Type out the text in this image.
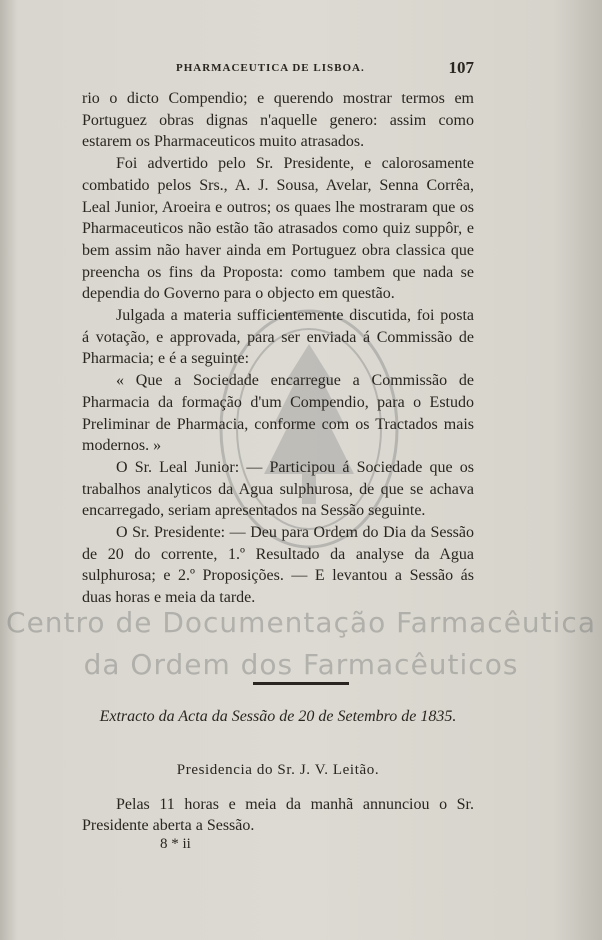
PHARMACEUTICA DE LISBOA.	107

rio o dicto Compendio; e querendo mostrar termos em Portuguez obras dignas n'aquelle genero: assim como estarem os Pharmaceuticos muito atrasados.

Foi advertido pelo Sr. Presidente, e calorosamente combatido pelos Srs., A. J. Sousa, Avelar, Senna Corrêa, Leal Junior, Aroeira e outros; os quaes lhe mostraram que os Pharmaceuticos não estão tão atrasados como quiz suppôr, e bem assim não haver ainda em Portuguez obra classica que preencha os fins da Proposta: como tambem que nada se dependia do Governo para o objecto em questão.

Julgada a materia sufficientemente discutida, foi posta á votação, e approvada, para ser enviada á Commissão de Pharmacia; e é a seguinte:

« Que a Sociedade encarregue a Commissão de Pharmacia da formação d'um Compendio, para o Estudo Preliminar de Pharmacia, conforme com os Tractados mais modernos. »

O Sr. Leal Junior: — Participou á Sociedade que os trabalhos analyticos da Agua sulphurosa, de que se achava encarregado, seriam apresentados na Sessão seguinte.

O Sr. Presidente: — Deu para Ordem do Dia da Sessão de 20 do corrente, 1.º Resultado da analyse da Agua sulphurosa; e 2.º Proposições. — E levantou a Sessão ás duas horas e meia da tarde.

Extracto da Acta da Sessão de 20 de Setembro de 1835.
Presidencia do Sr. J. V. Leitão.
Pelas 11 horas e meia da manhã annunciou o Sr. Presidente aberta a Sessão.
8 * ii
Centro de Documentação Farmacêutica
da Ordem dos Farmacêuticos
